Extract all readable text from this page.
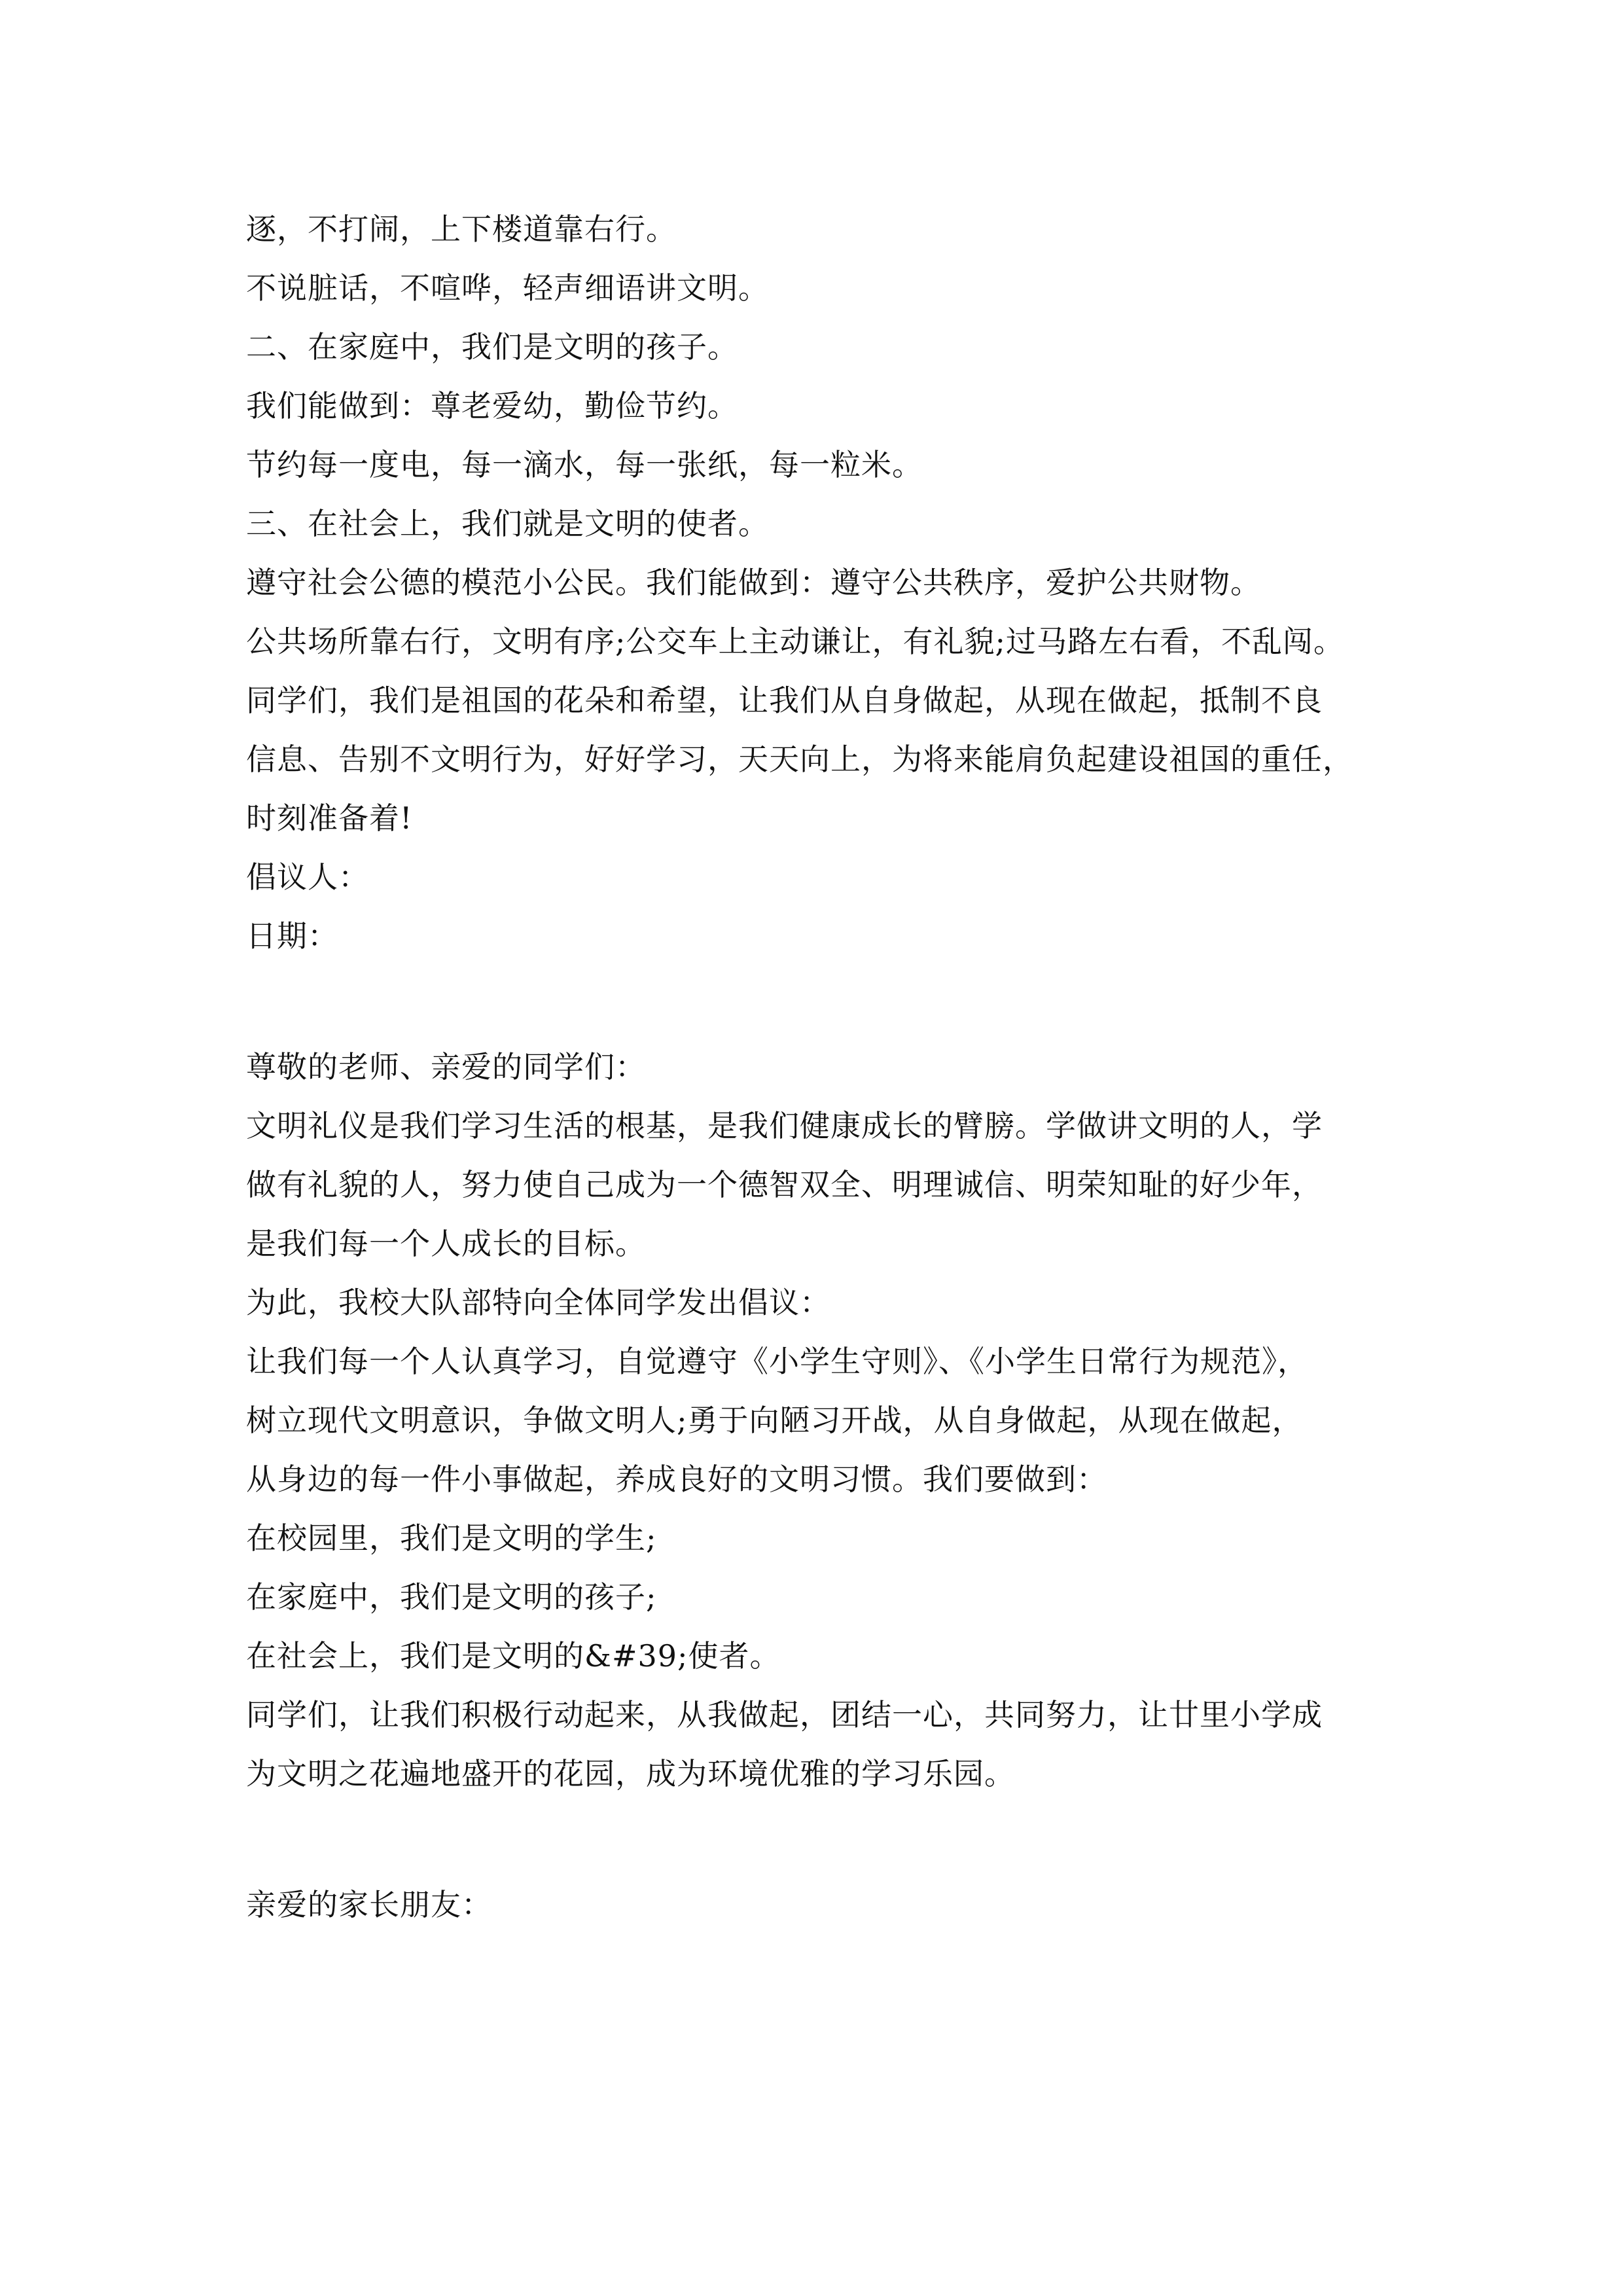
逐，不打闹，上下楼道靠右行。
不说脏话，不喧哗，轻声细语讲文明。
二、在家庭中，我们是文明的孩子。
我们能做到：尊老爱幼，勤俭节约。
节约每一度电，每一滴水，每一张纸，每一粒米。
三、在社会上，我们就是文明的使者。
遵守社会公德的模范小公民。我们能做到：遵守公共秩序，爱护公共财物。
公共场所靠右行，文明有序;公交车上主动谦让，有礼貌;过马路左右看，不乱闯。
同学们，我们是祖国的花朵和希望，让我们从自身做起，从现在做起，抵制不良
信息、告别不文明行为，好好学习，天天向上，为将来能肩负起建设祖国的重任，
时刻准备着!
倡议人：
日期：
尊敬的老师、亲爱的同学们：
文明礼仪是我们学习生活的根基，是我们健康成长的臂膀。学做讲文明的人，学
做有礼貌的人，努力使自己成为一个德智双全、明理诚信、明荣知耻的好少年，
是我们每一个人成长的目标。
为此，我校大队部特向全体同学发出倡议：
让我们每一个人认真学习，自觉遵守《小学生守则》、《小学生日常行为规范》，
树立现代文明意识，争做文明人;勇于向陋习开战，从自身做起，从现在做起，
从身边的每一件小事做起，养成良好的文明习惯。我们要做到：
在校园里，我们是文明的学生;
在家庭中，我们是文明的孩子;
在社会上，我们是文明的&#39;使者。
同学们，让我们积极行动起来，从我做起，团结一心，共同努力，让廿里小学成
为文明之花遍地盛开的花园，成为环境优雅的学习乐园。
亲爱的家长朋友：
